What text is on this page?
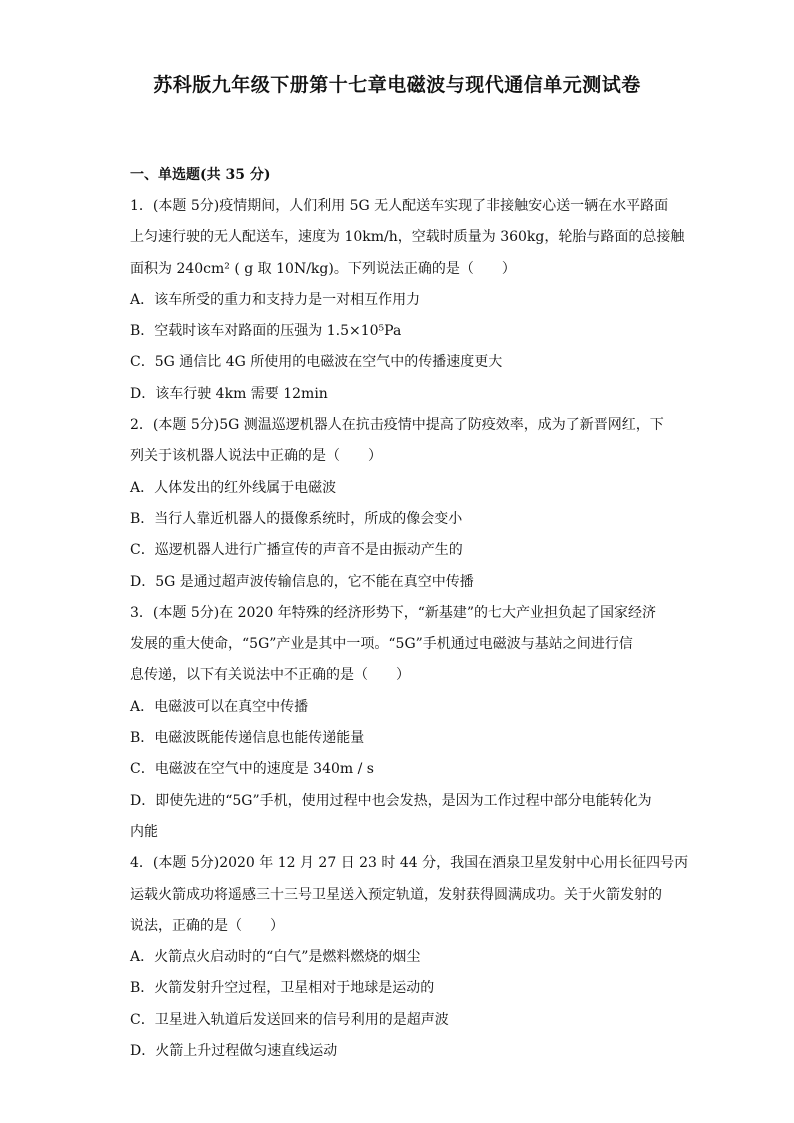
苏科版九年级下册第十七章电磁波与现代通信单元测试卷
一、单选题(共 35 分)
1．(本题 5分)疫情期间，人们利用 5G 无人配送车实现了非接触安心送一辆在水平路面
上匀速行驶的无人配送车，速度为 10km/h，空载时质量为 360kg，轮胎与路面的总接触
面积为 240cm² ( g 取 10N/kg)。下列说法正确的是（　　）
A．该车所受的重力和支持力是一对相互作用力
B．空载时该车对路面的压强为 1.5×10⁵Pa
C．5G 通信比 4G 所使用的电磁波在空气中的传播速度更大
D．该车行驶 4km 需要 12min
2．(本题 5分)5G 测温巡逻机器人在抗击疫情中提高了防疫效率，成为了新晋网红，下
列关于该机器人说法中正确的是（　　）
A．人体发出的红外线属于电磁波
B．当行人靠近机器人的摄像系统时，所成的像会变小
C．巡逻机器人进行广播宣传的声音不是由振动产生的
D．5G 是通过超声波传输信息的，它不能在真空中传播
3．(本题 5分)在 2020 年特殊的经济形势下，“新基建”的七大产业担负起了国家经济
发展的重大使命，“5G”产业是其中一项。“5G”手机通过电磁波与基站之间进行信
息传递，以下有关说法中不正确的是（　　）
A．电磁波可以在真空中传播
B．电磁波既能传递信息也能传递能量
C．电磁波在空气中的速度是 340m / s
D．即使先进的“5G”手机，使用过程中也会发热，是因为工作过程中部分电能转化为
内能
4．(本题 5分)2020 年 12 月 27 日 23 时 44 分，我国在酒泉卫星发射中心用长征四号丙
运载火箭成功将遥感三十三号卫星送入预定轨道，发射获得圆满成功。关于火箭发射的
说法，正确的是（　　）
A．火箭点火启动时的“白气”是燃料燃烧的烟尘
B．火箭发射升空过程，卫星相对于地球是运动的
C．卫星进入轨道后发送回来的信号利用的是超声波
D．火箭上升过程做匀速直线运动
